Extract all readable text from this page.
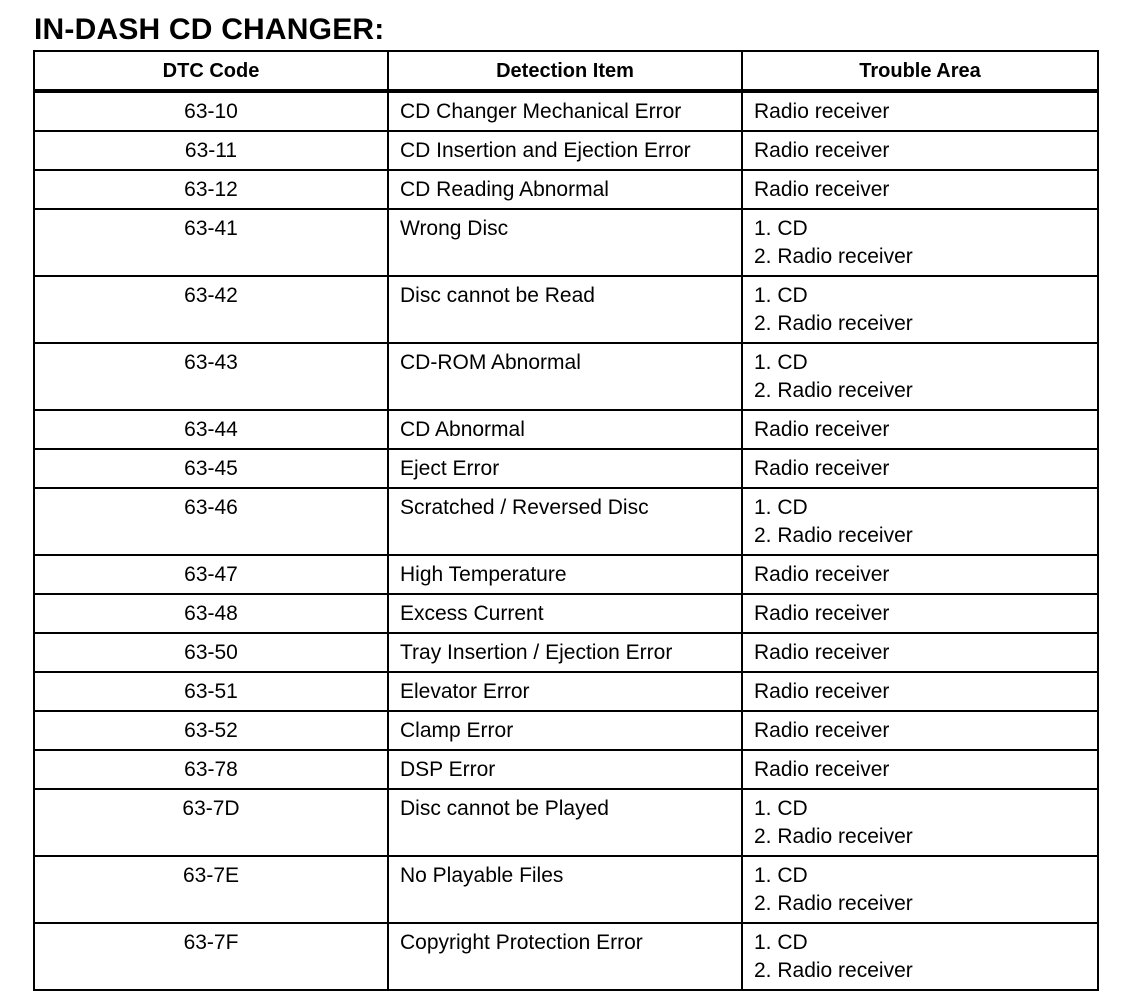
IN-DASH CD CHANGER:
DTC Code	Detection Item	Trouble Area
63-10	CD Changer Mechanical Error	Radio receiver

63-11	CD Insertion and Ejection Error	Radio receiver

63-12	CD Reading Abnormal	Radio receiver

63-41	Wrong Disc	1. CD
2. Radio receiver

63-42	Disc cannot be Read	1. CD
2. Radio receiver

63-43	CD-ROM Abnormal	1. CD
2. Radio receiver

63-44	CD Abnormal	Radio receiver

63-45	Eject Error	Radio receiver

63-46	Scratched / Reversed Disc	1. CD
2. Radio receiver

63-47	High Temperature	Radio receiver

63-48	Excess Current	Radio receiver

63-50	Tray Insertion / Ejection Error	Radio receiver

63-51	Elevator Error	Radio receiver

63-52	Clamp Error	Radio receiver

63-78	DSP Error	Radio receiver

63-7D	Disc cannot be Played	1. CD
2. Radio receiver

63-7E	No Playable Files	1. CD
2. Radio receiver

63-7F	Copyright Protection Error	1. CD
2. Radio receiver
